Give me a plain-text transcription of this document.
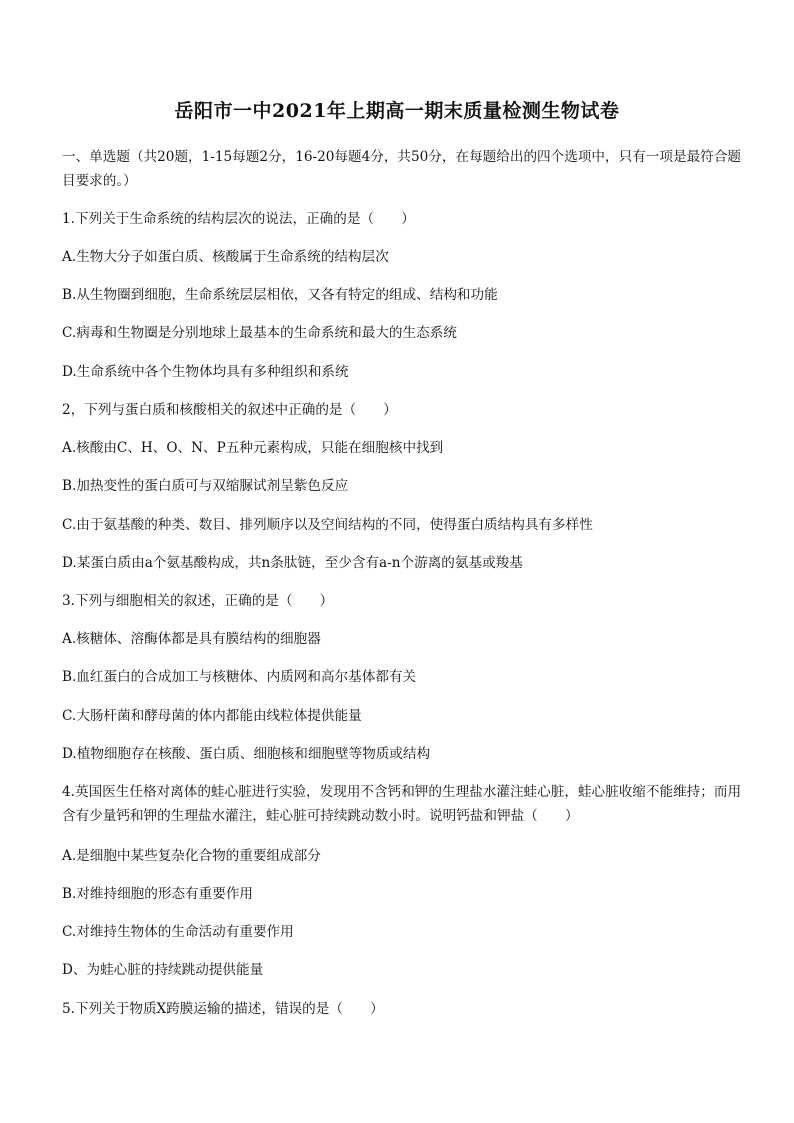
岳阳市一中2021年上期高一期末质量检测生物试卷
一、单选题（共20题，1-15每题2分，16-20每题4分，共50分，在每题给出的四个选项中，只有一项是最符合题目要求的。）
1.下列关于生命系统的结构层次的说法，正确的是（　　）
A.生物大分子如蛋白质、核酸属于生命系统的结构层次
B.从生物圈到细胞，生命系统层层相依，又各有特定的组成、结构和功能
C.病毒和生物圈是分别地球上最基本的生命系统和最大的生态系统
D.生命系统中各个生物体均具有多种组织和系统
2，下列与蛋白质和核酸相关的叙述中正确的是（　　）
A.核酸由C、H、O、N、P五种元素构成，只能在细胞核中找到
B.加热变性的蛋白质可与双缩脲试剂呈紫色反应
C.由于氨基酸的种类、数目、排列顺序以及空间结构的不同，使得蛋白质结构具有多样性
D.某蛋白质由a个氨基酸构成，共n条肽链，至少含有a-n个游离的氨基或羧基
3.下列与细胞相关的叙述，正确的是（　　）
A.核糖体、溶酶体都是具有膜结构的细胞器
B.血红蛋白的合成加工与核糖体、内质网和高尔基体都有关
C.大肠杆菌和酵母菌的体内都能由线粒体提供能量
D.植物细胞存在核酸、蛋白质、细胞核和细胞壁等物质或结构
4.英国医生任格对离体的蛙心脏进行实验，发现用不含钙和钾的生理盐水灌注蛙心脏，蛙心脏收缩不能维持；而用含有少量钙和钾的生理盐水灌注，蛙心脏可持续跳动数小时。说明钙盐和钾盐（　　）
A.是细胞中某些复杂化合物的重要组成部分
B.对维持细胞的形态有重要作用
C.对维持生物体的生命活动有重要作用
D、为蛙心脏的持续跳动提供能量
5.下列关于物质X跨膜运输的描述，错误的是（　　）
